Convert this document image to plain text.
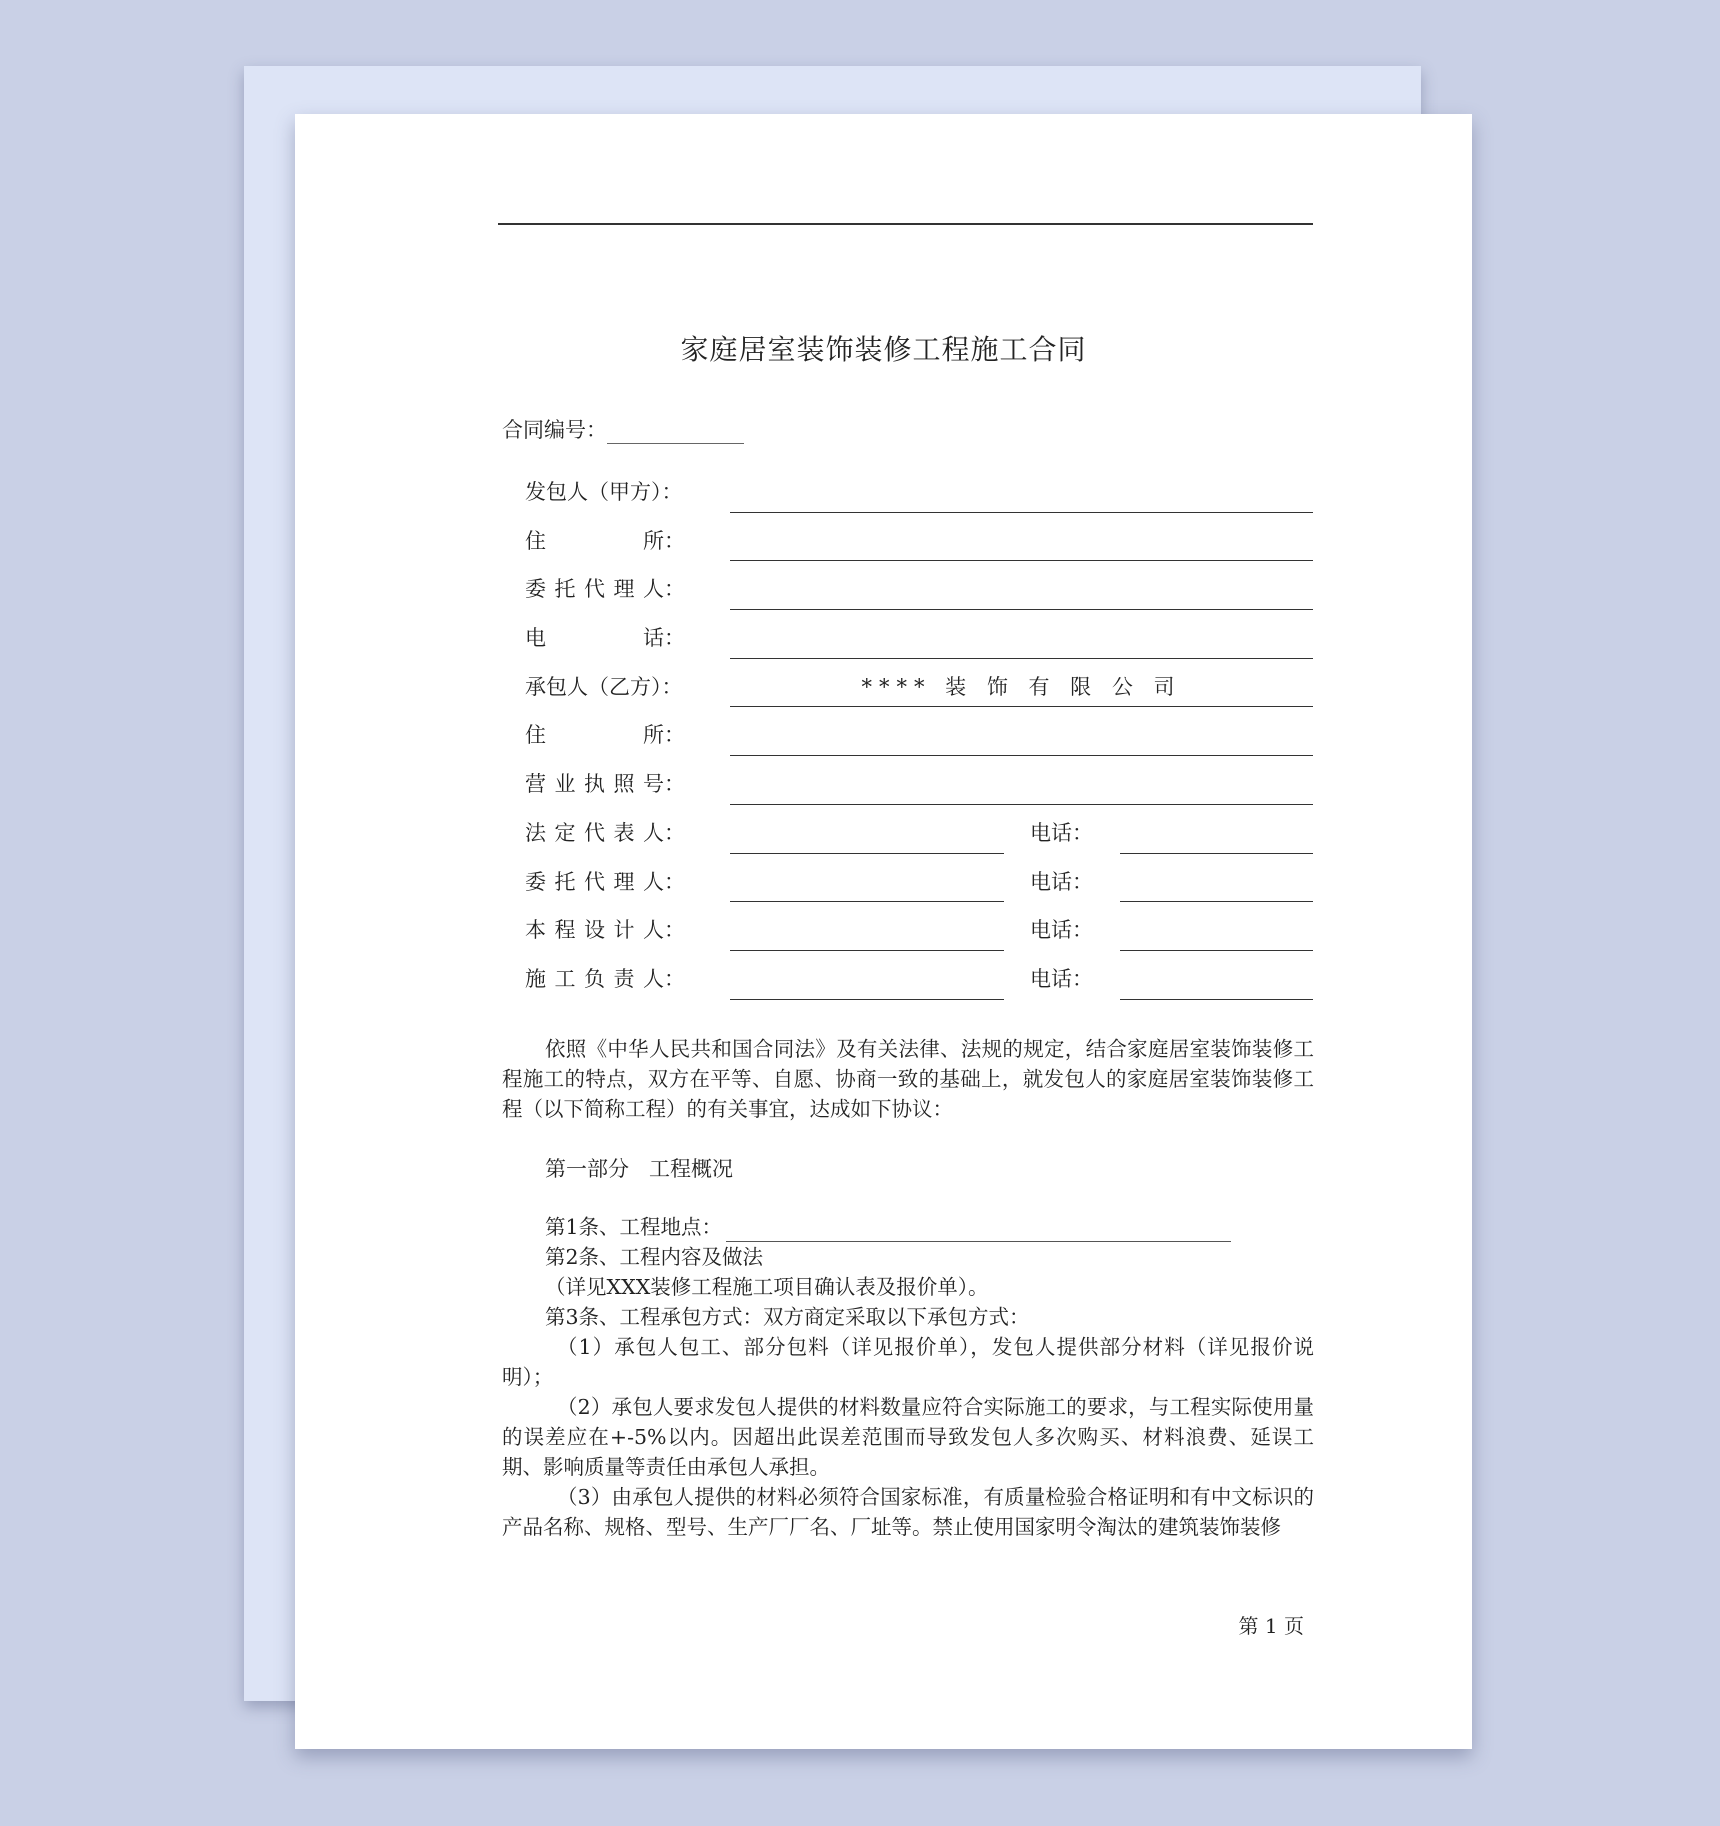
家庭居室装饰装修工程施工合同
合同编号：
发包人（甲方）：
住	所：
委 托 代 理 人：
电	话：
承包人（乙方）：	**** 装 饰 有 限 公 司
住	所：
营 业 执 照 号：
法 定 代 表 人：	电话：
委 托 代 理 人：	电话：
本 程 设 计 人：	电话：
施 工 负 责 人：	电话：

依照《中华人民共和国合同法》及有关法律、法规的规定，结合家庭居室装饰装修工程施工的特点，双方在平等、自愿、协商一致的基础上，就发包人的家庭居室装饰装修工程（以下简称工程）的有关事宜，达成如下协议：

第一部分 工程概况

第1条、工程地点：

第2条、工程内容及做法

（详见XXX装修工程施工项目确认表及报价单）。

第3条、工程承包方式：双方商定采取以下承包方式：

（1）承包人包工、部分包料（详见报价单），发包人提供部分材料（详见报价说明）；

（2）承包人要求发包人提供的材料数量应符合实际施工的要求，与工程实际使用量的误差应在+-5%以内。因超出此误差范围而导致发包人多次购买、材料浪费、延误工期、影响质量等责任由承包人承担。

（3）由承包人提供的材料必须符合国家标准，有质量检验合格证明和有中文标识的产品名称、规格、型号、生产厂厂名、厂址等。禁止使用国家明令淘汰的建筑装饰装修

第 1 页
